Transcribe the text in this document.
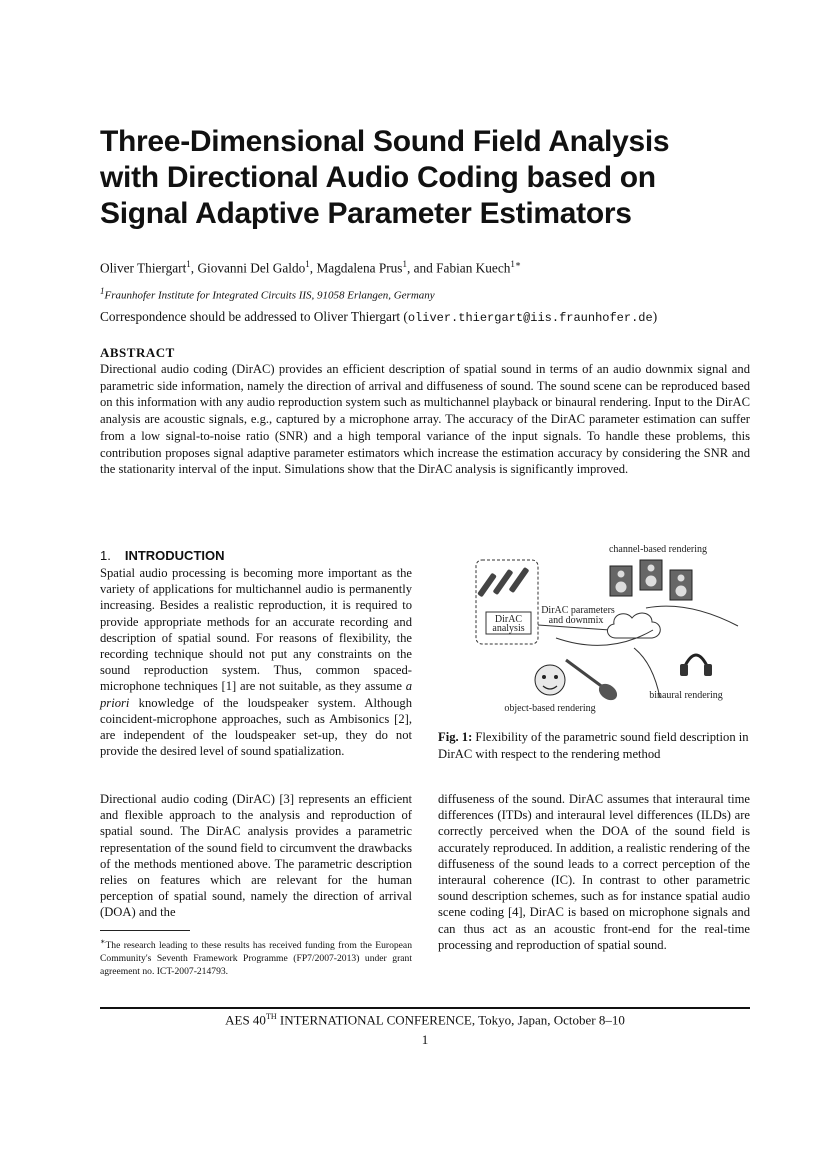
Three-Dimensional Sound Field Analysis
with Directional Audio Coding based on
Signal Adaptive Parameter Estimators
Oliver Thiergart$^1$, Giovanni Del Galdo$^1$, Magdalena Prus$^1$, and Fabian Kuech$^{1∗}$
$^1$Fraunhofer Institute for Integrated Circuits IIS, 91058 Erlangen, Germany
Correspondence should be addressed to Oliver Thiergart (oliver.thiergart@iis.fraunhofer.de)
ABSTRACT

Directional audio coding (DirAC) provides an efficient description of spatial sound in terms of an audio downmix signal and parametric side information, namely the direction of arrival and diffuseness of sound. The sound scene can be reproduced based on this information with any audio reproduction system such as multichannel playback or binaural rendering. Input to the DirAC analysis are acoustic signals, e.g., captured by a microphone array. The accuracy of the DirAC parameter estimation can suffer from a low signal-to-noise ratio (SNR) and a high temporal variance of the input signals. To handle these problems, this contribution proposes signal adaptive parameter estimators which increase the estimation accuracy by considering the SNR and the stationarity interval of the input. Simulations show that the DirAC analysis is significantly improved.

1. INTRODUCTION

Spatial audio processing is becoming more important as the variety of applications for multichannel audio is permanently increasing. Besides a realistic reproduction, it is required to provide appropriate methods for an accurate recording and description of spatial sound. For reasons of flexibility, the recording technique should not put any constraints on the sound reproduction system. Thus, common spaced-microphone techniques [1] are not suitable, as they assume a priori knowledge of the loudspeaker system. Although coincident-microphone approaches, such as Ambisonics [2], are independent of the loudspeaker set-up, they do not provide the desired level of sound spatialization.

Directional audio coding (DirAC) [3] represents an efficient and flexible approach to the analysis and reproduction of spatial sound. The DirAC analysis provides a parametric representation of the sound field to circumvent the drawbacks of the methods mentioned above. The parametric description relies on features which are relevant for the human perception of spatial sound, namely the direction of arrival (DOA) and the

∗The research leading to these results has received funding from the European Community's Seventh Framework Programme (FP7/2007-2013) under grant agreement no. ICT-2007-214793.

DirAC
analysis
DirAC parameters
and downmix
channel-based rendering
binaural rendering
object-based rendering

Fig. 1: Flexibility of the parametric sound field description in DirAC with respect to the rendering method

diffuseness of the sound. DirAC assumes that interaural time differences (ITDs) and interaural level differences (ILDs) are correctly perceived when the DOA of the sound field is accurately reproduced. In addition, a realistic rendering of the diffuseness of the sound leads to a correct perception of the interaural coherence (IC). In contrast to other parametric sound description schemes, such as for instance spatial audio scene coding [4], DirAC is based on microphone signals and can thus act as an acoustic front-end for the real-time processing and reproduction of spatial sound.

AES 40TH INTERNATIONAL CONFERENCE, Tokyo, Japan, October 8–10
1
